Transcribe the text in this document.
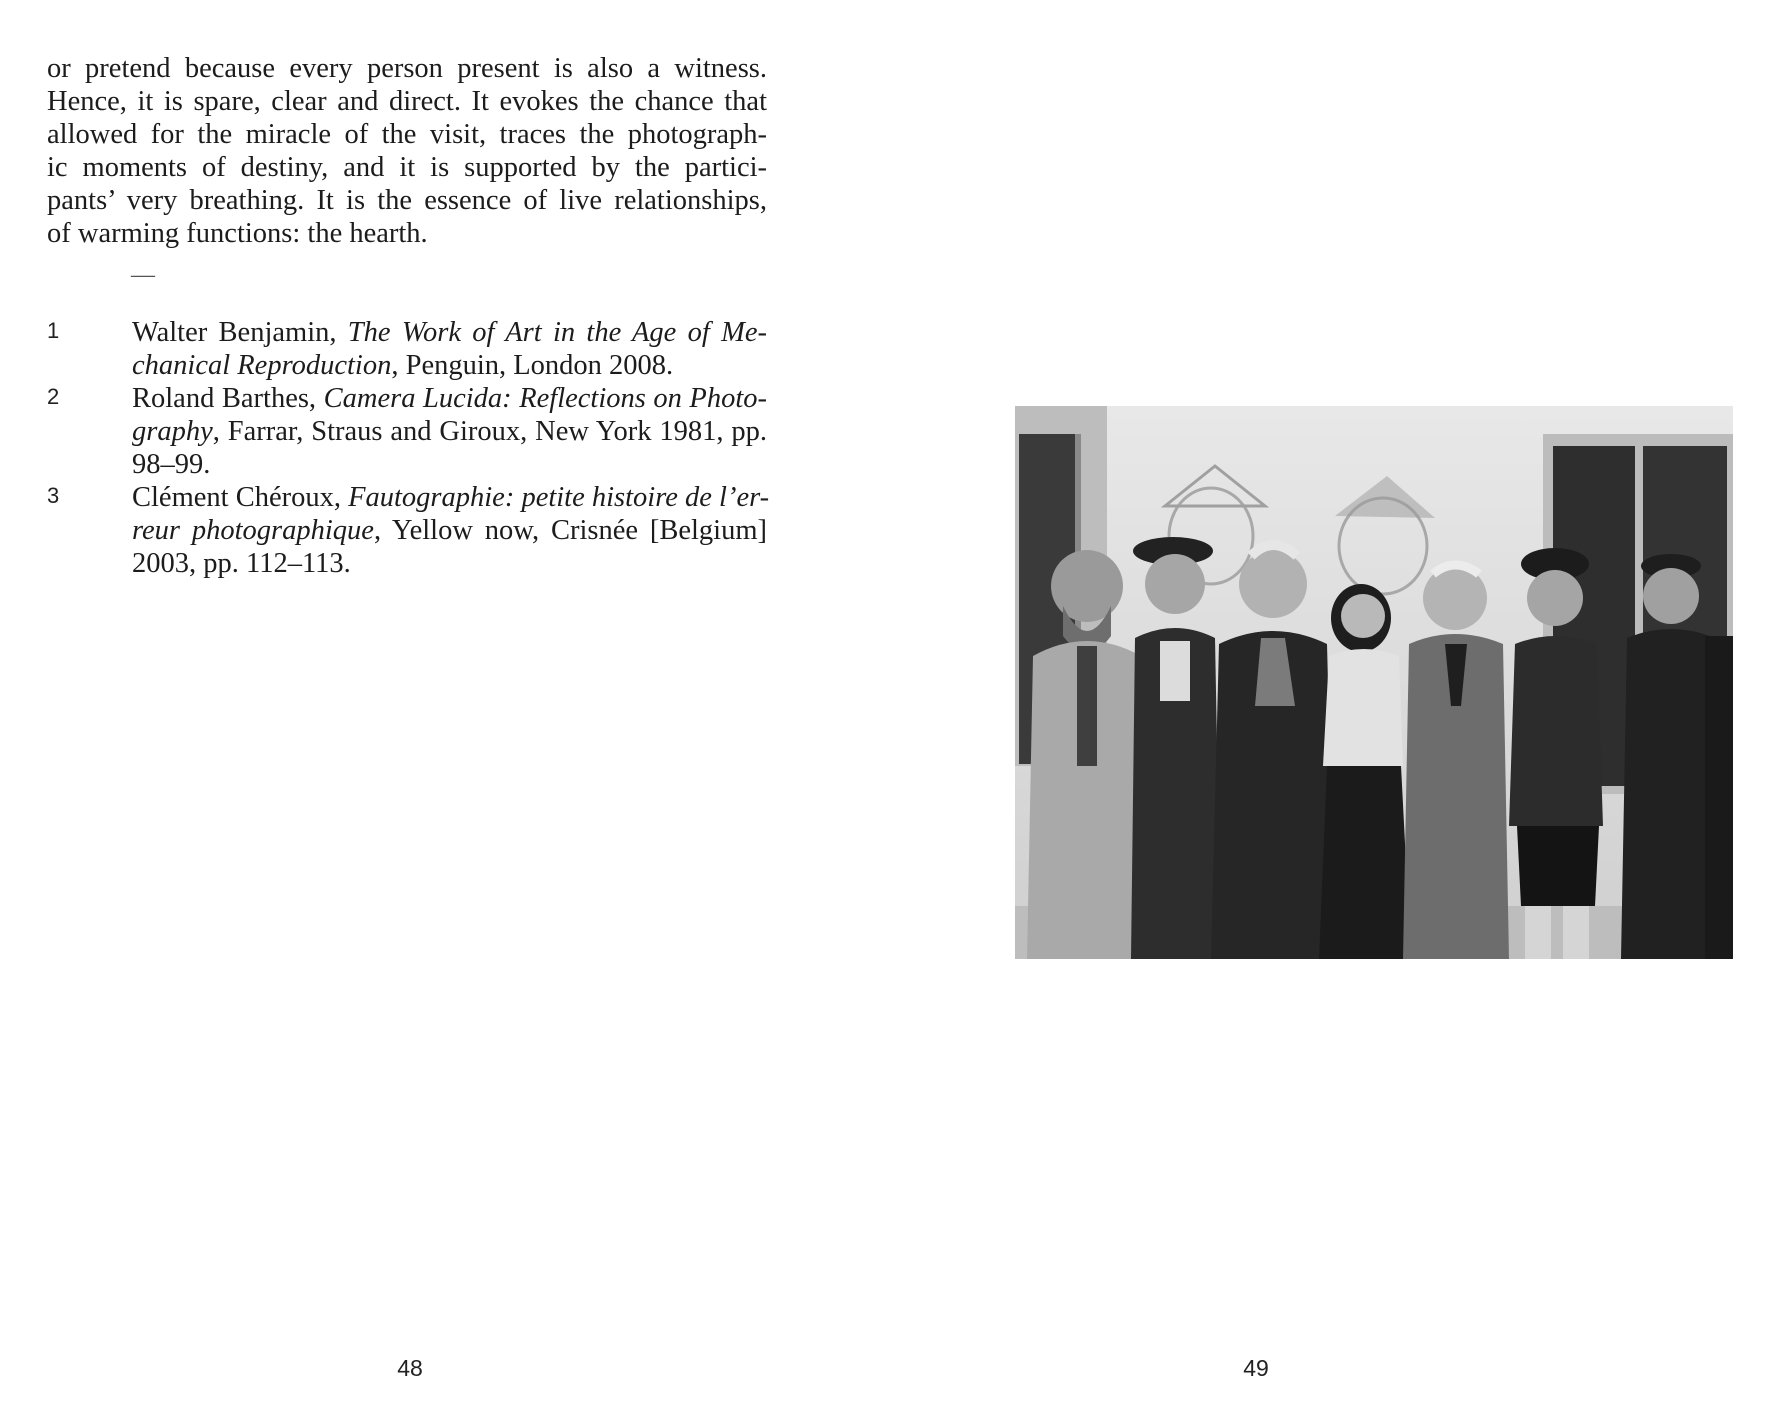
or pretend because every person present is also a witness.
Hence, it is spare, clear and direct. It evokes the chance that
allowed for the miracle of the visit, traces the photograph-
ic moments of destiny, and it is supported by the partici-
pants’ very breathing. It is the essence of live relationships,
of warming functions: the hearth.
—
1	Walter Benjamin, The Work of Art in the Age of Me-
chanical Reproduction, Penguin, London 2008.
2	Roland Barthes, Camera Lucida: Reflections on Photo-
graphy, Farrar, Straus and Giroux, New York 1981, pp.
98–99.
3	Clément Chéroux, Fautographie: petite histoire de l’er-
reur photographique, Yellow now, Crisnée [Belgium]
2003, pp. 112–113.
48	49
